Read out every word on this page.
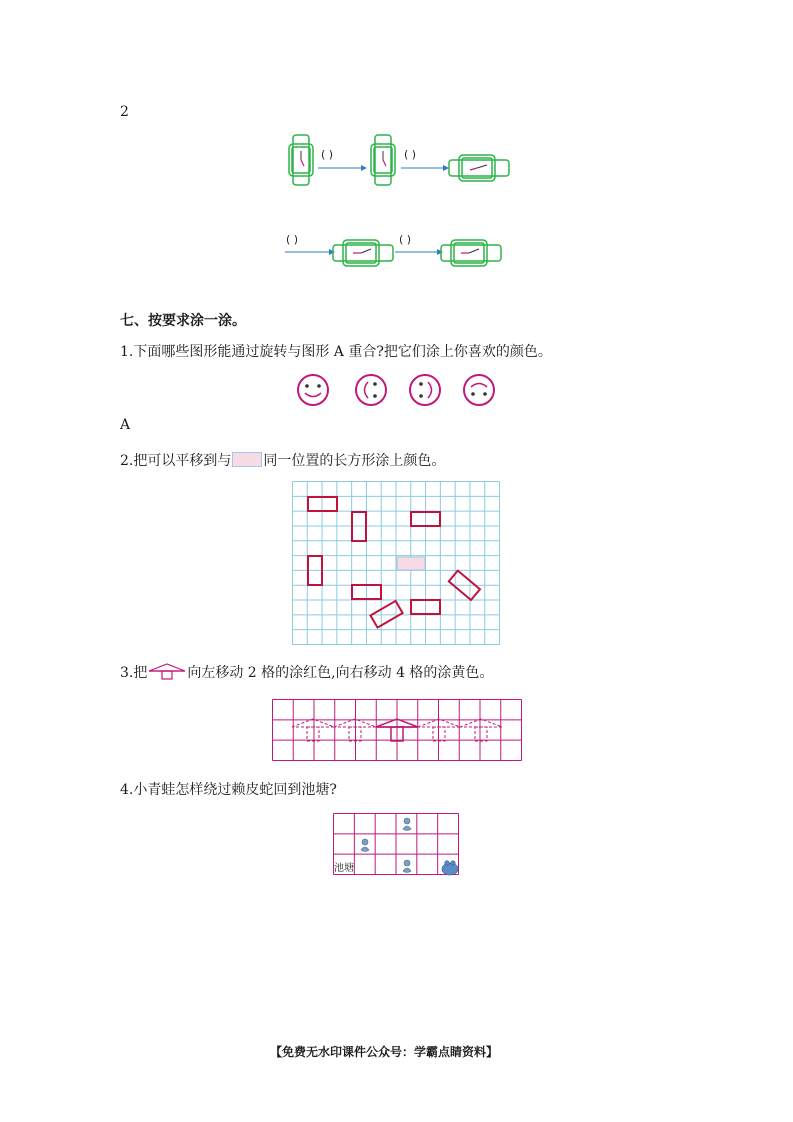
2
( )	( )
( )	( )
七、按要求涂一涂。
1.下面哪些图形能通过旋转与图形 A 重合?把它们涂上你喜欢的颜色。
A
2.把可以平移到与 同一位置的长方形涂上颜色。
3.把	向左移动 2 格的涂红色,向右移动 4 格的涂黄色。
4.小青蛙怎样绕过赖皮蛇回到池塘?
池塘
【免费无水印课件公众号：学霸点睛资料】
